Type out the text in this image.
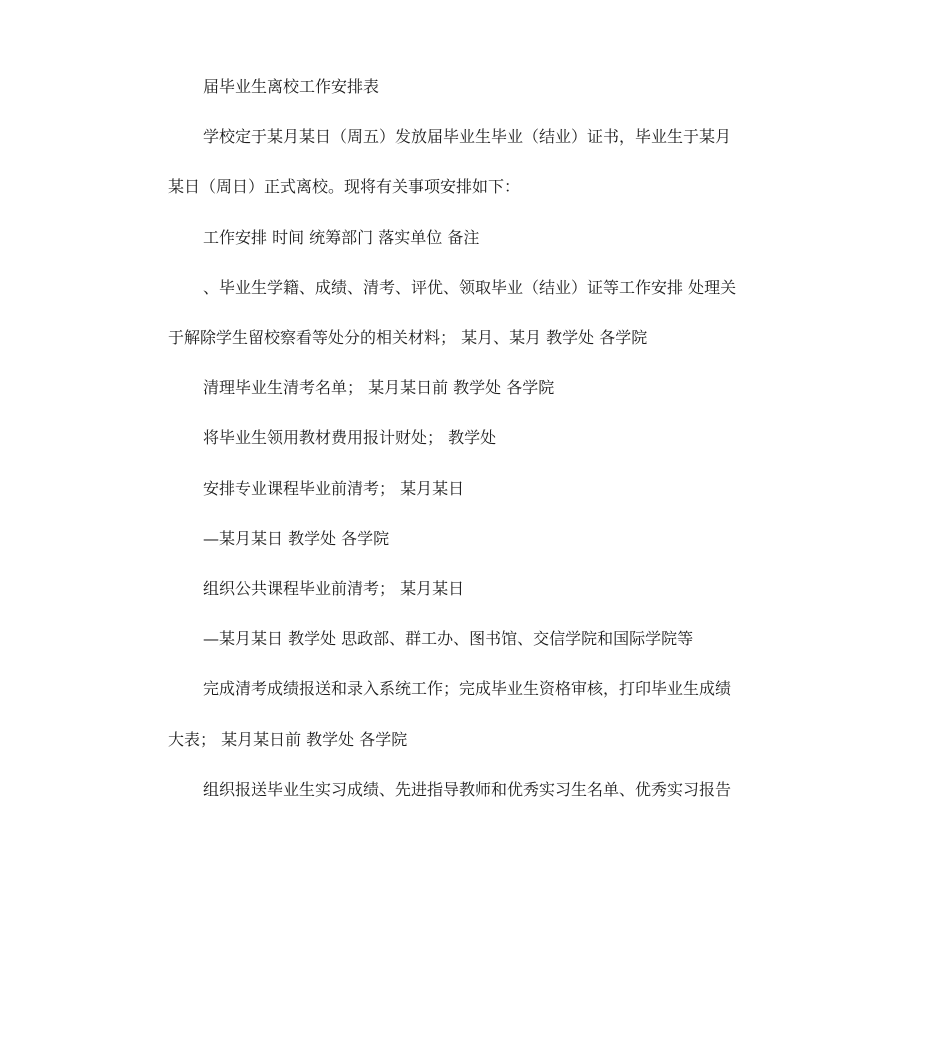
届毕业生离校工作安排表

学校定于某月某日（周五）发放届毕业生毕业（结业）证书，毕业生于某月

某日（周日）正式离校。现将有关事项安排如下：

工作安排 时间 统筹部门 落实单位 备注

、毕业生学籍、成绩、清考、评优、领取毕业（结业）证等工作安排 处理关

于解除学生留校察看等处分的相关材料； 某月、某月 教学处 各学院

清理毕业生清考名单； 某月某日前 教学处 各学院

将毕业生领用教材费用报计财处； 教学处

安排专业课程毕业前清考； 某月某日

—某月某日 教学处 各学院

组织公共课程毕业前清考； 某月某日

—某月某日 教学处 思政部、群工办、图书馆、交信学院和国际学院等

完成清考成绩报送和录入系统工作；完成毕业生资格审核，打印毕业生成绩

大表； 某月某日前 教学处 各学院

组织报送毕业生实习成绩、先进指导教师和优秀实习生名单、优秀实习报告
